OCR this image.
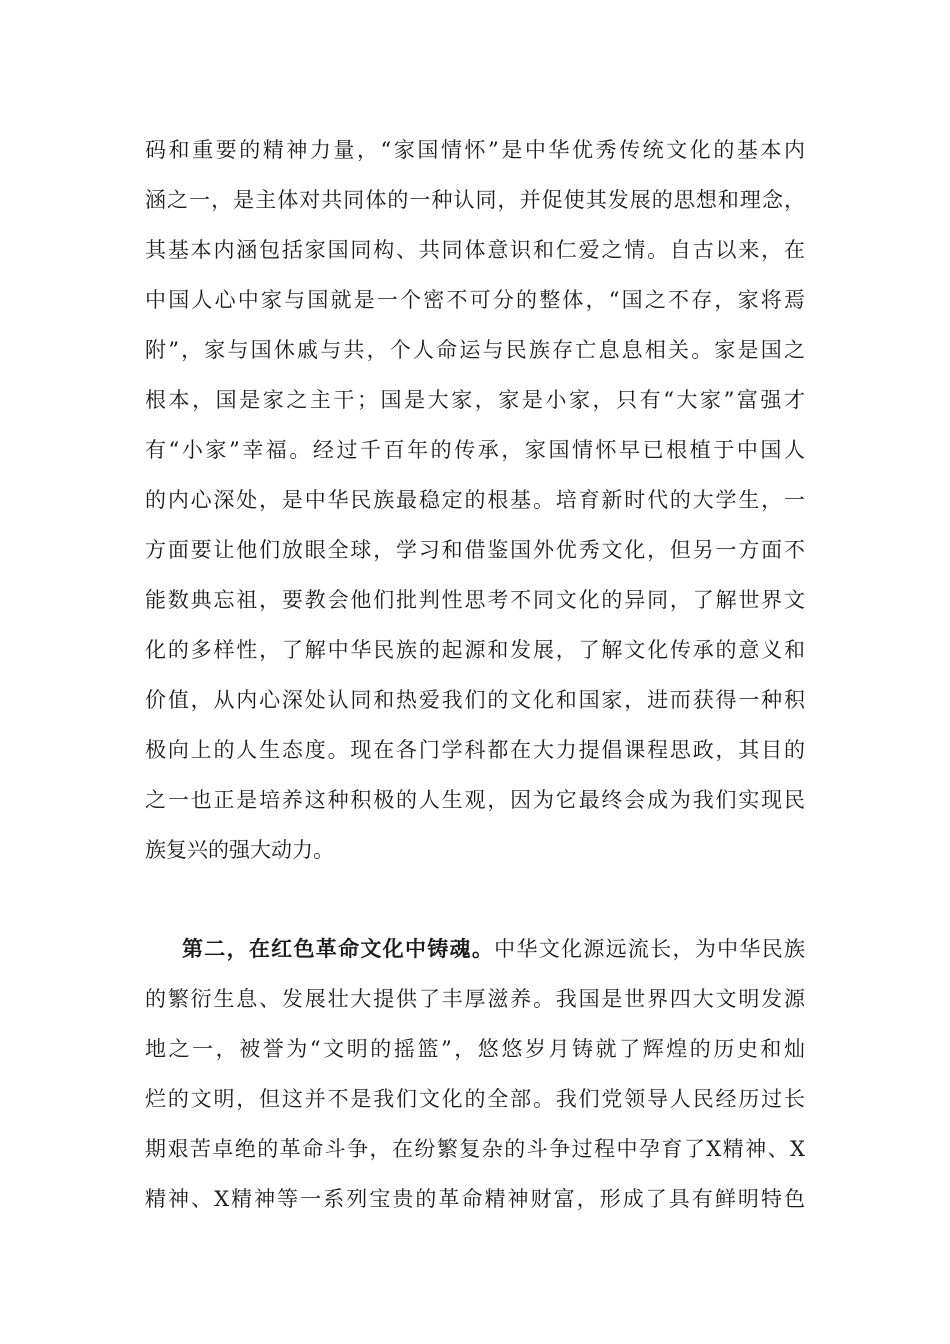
码和重要的精神力量，“家国情怀”是中华优秀传统文化的基本内
涵之一，是主体对共同体的一种认同，并促使其发展的思想和理念，
其基本内涵包括家国同构、共同体意识和仁爱之情。自古以来，在
中国人心中家与国就是一个密不可分的整体，“国之不存，家将焉
附”，家与国休戚与共，个人命运与民族存亡息息相关。家是国之
根本，国是家之主干；国是大家，家是小家，只有“大家”富强才
有“小家”幸福。经过千百年的传承，家国情怀早已根植于中国人
的内心深处，是中华民族最稳定的根基。培育新时代的大学生，一
方面要让他们放眼全球，学习和借鉴国外优秀文化，但另一方面不
能数典忘祖，要教会他们批判性思考不同文化的异同，了解世界文
化的多样性，了解中华民族的起源和发展，了解文化传承的意义和
价值，从内心深处认同和热爱我们的文化和国家，进而获得一种积
极向上的人生态度。现在各门学科都在大力提倡课程思政，其目的
之一也正是培养这种积极的人生观，因为它最终会成为我们实现民
族复兴的强大动力。
第二，在红色革命文化中铸魂。中华文化源远流长，为中华民族
的繁衍生息、发展壮大提供了丰厚滋养。我国是世界四大文明发源
地之一，被誉为“文明的摇篮”，悠悠岁月铸就了辉煌的历史和灿
烂的文明，但这并不是我们文化的全部。我们党领导人民经历过长
期艰苦卓绝的革命斗争，在纷繁复杂的斗争过程中孕育了X精神、X
精神、X精神等一系列宝贵的革命精神财富，形成了具有鲜明特色
